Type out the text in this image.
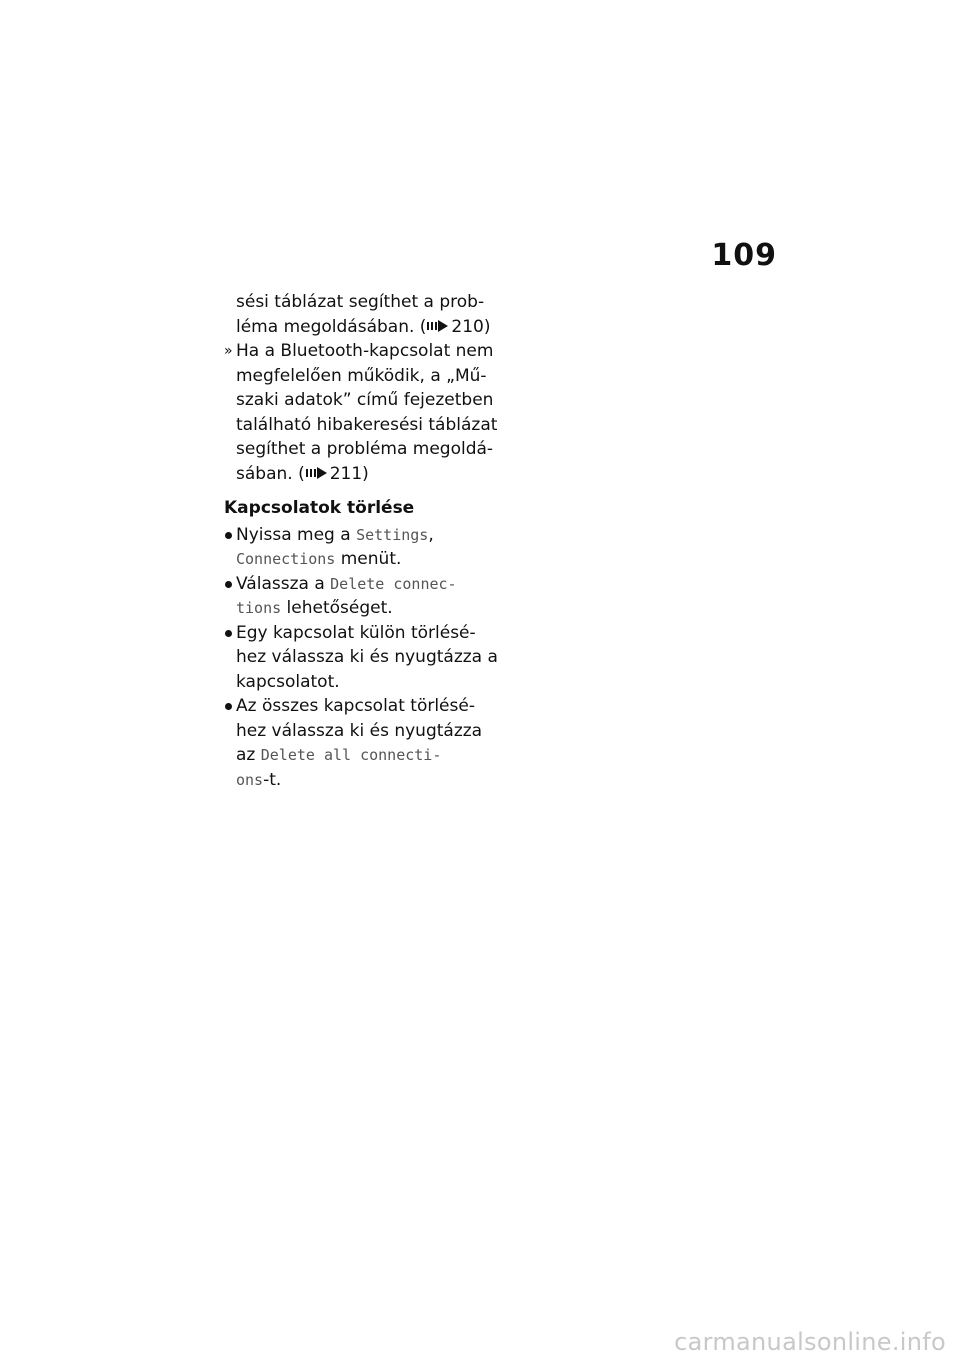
109
sési táblázat segíthet a prob-
léma megoldásában. ( 210)
» Ha a Bluetooth-kapcsolat nem
megfelelően működik, a „Mű-
szaki adatok” című fejezetben
található hibakeresési táblázat
segíthet a probléma megoldá-
sában. ( 211)
Kapcsolatok törlése
Nyissa meg a Settings,
Connections menüt.
Válassza a Delete connec-
tions lehetőséget.
Egy kapcsolat külön törlésé-
hez válassza ki és nyugtázza a
kapcsolatot.
Az összes kapcsolat törlésé-
hez válassza ki és nyugtázza
az Delete all connecti-
ons-t.
carmanualsonline.info
